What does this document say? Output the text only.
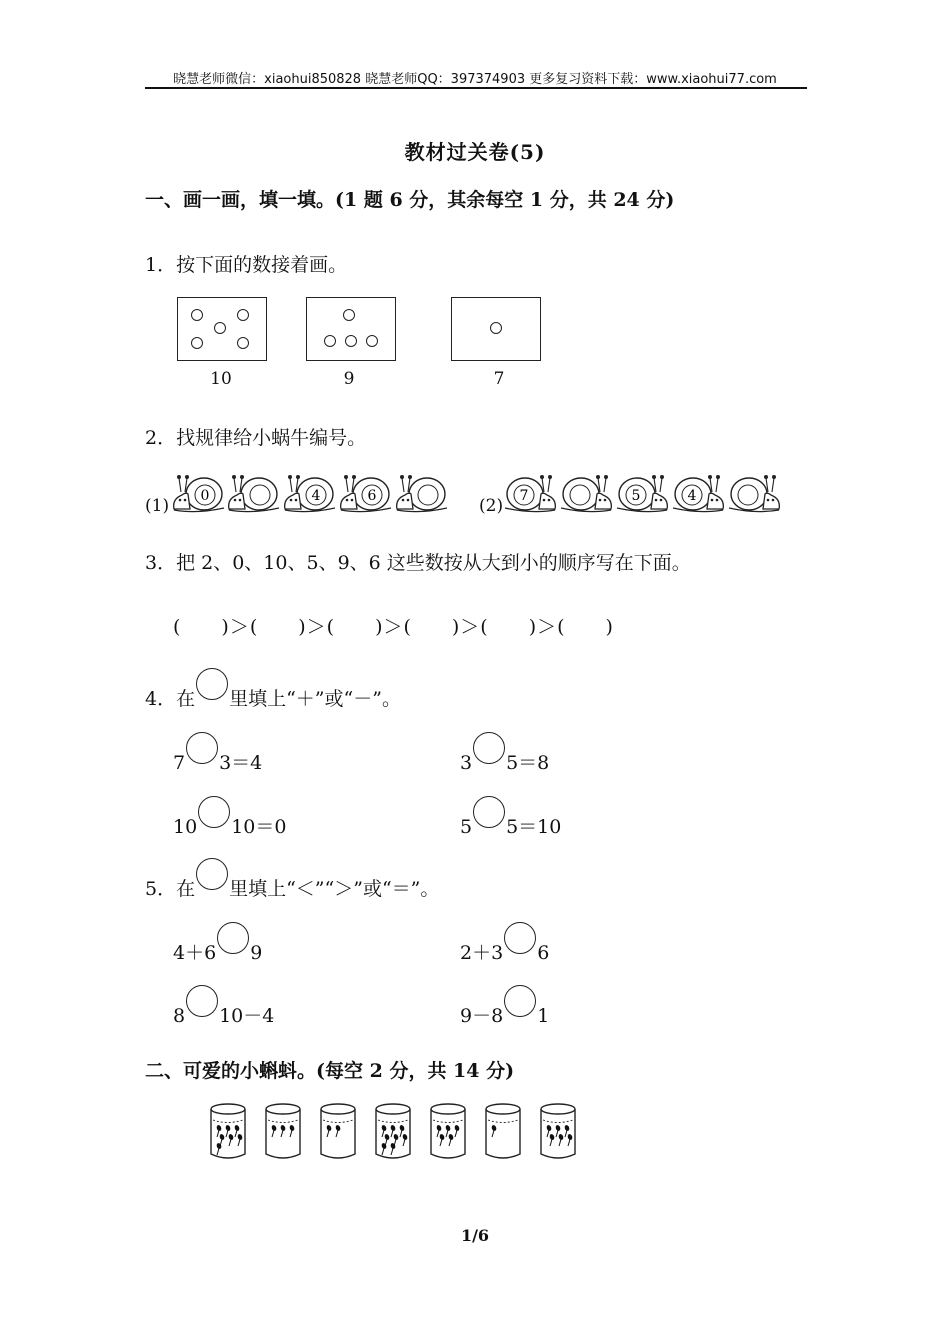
晓慧老师微信：xiaohui850828 晓慧老师QQ：397374903 更多复习资料下载：www.xiaohui77.com
教材过关卷(5)
一、画一画，填一填。(1 题 6 分，其余每空 1 分，共 24 分)
1．按下面的数接着画。
10	9	7
2．找规律给小蜗牛编号。
(1)	(2)
0	4	6	7	5	4
3．把 2、0、10、5、9、6 这些数按从大到小的顺序写在下面。
(　　)＞(　　)＞(　　)＞(　　)＞(　　)＞(　　)
4．在 里填上“＋”或“－”。
7 3＝4	3 5＝8
10 10＝0	5 5＝10
5．在 里填上“＜”“＞”或“＝”。
4＋6 9	2＋3 6
8 10－4	9－8 1
二、可爱的小蝌蚪。(每空 2 分，共 14 分)
1/6
